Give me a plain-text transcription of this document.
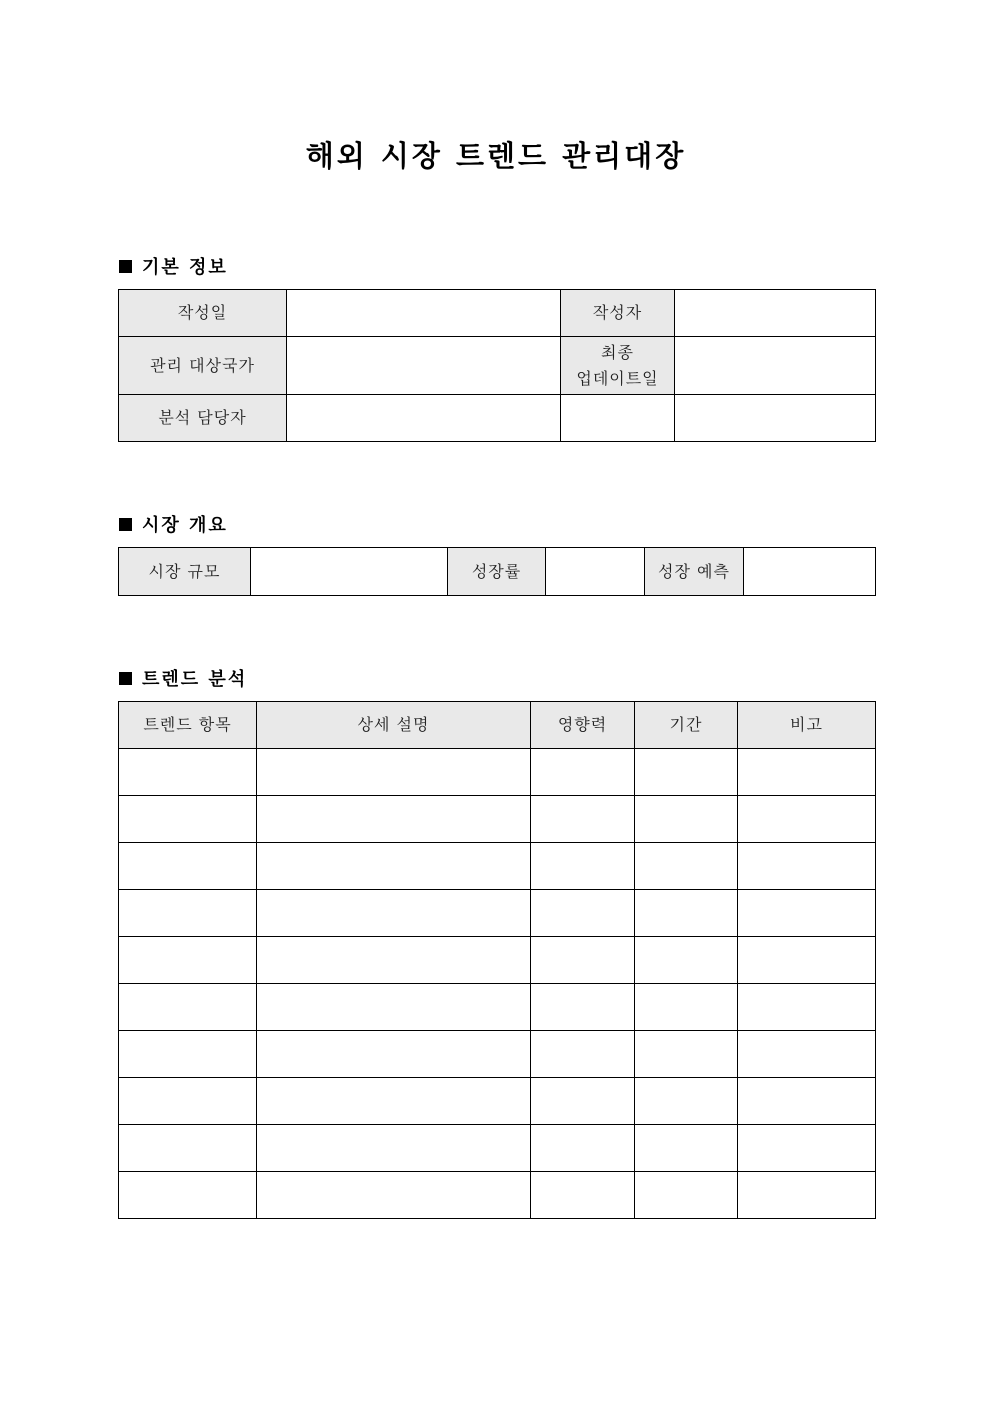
해외 시장 트렌드 관리대장
기본 정보
작성일		작성자	
관리 대상국가		최종
업데이트일	

분석 담당자			
시장 개요
시장 규모		성장률		성장 예측	
트렌드 분석
트렌드 항목	상세 설명	영향력	기간	비고
